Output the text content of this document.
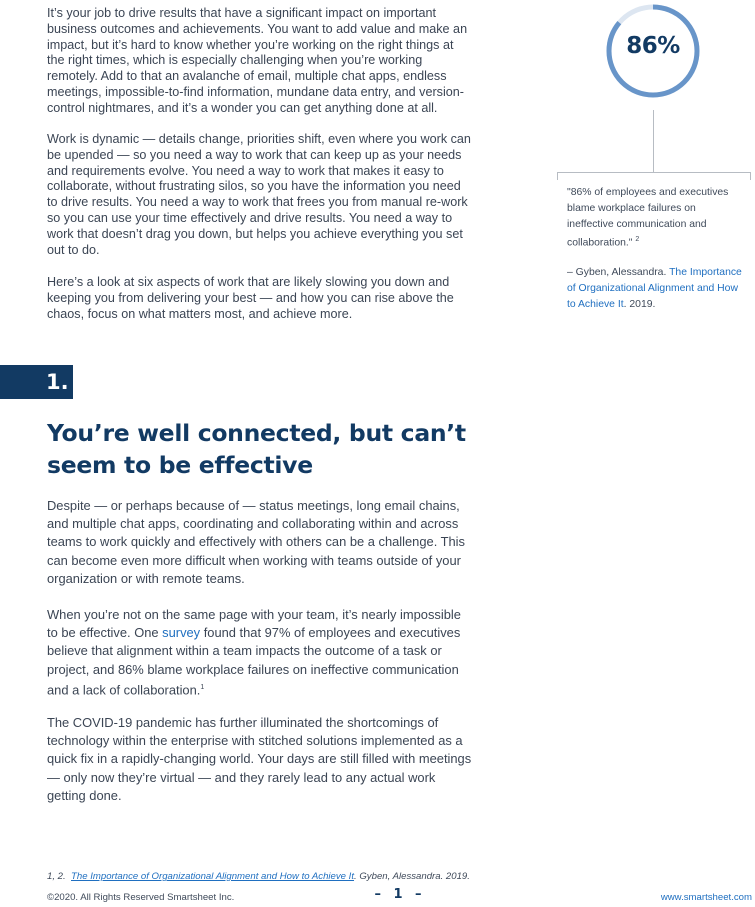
It’s your job to drive results that have a significant impact on important business outcomes and achievements. You want to add value and make an impact, but it’s hard to know whether you’re working on the right things at the right times, which is especially challenging when you’re working remotely. Add to that an avalanche of email, multiple chat apps, endless meetings, impossible-to-find information, mundane data entry, and version-control nightmares, and it’s a wonder you can get anything done at all.

Work is dynamic — details change, priorities shift, even where you work can be upended — so you need a way to work that can keep up as your needs and requirements evolve. You need a way to work that makes it easy to collaborate, without frustrating silos, so you have the information you need to drive results. You need a way to work that frees you from manual re-work so you can use your time effectively and drive results. You need a way to work that doesn’t drag you down, but helps you achieve everything you set out to do.

Here’s a look at six aspects of work that are likely slowing you down and keeping you from delivering your best — and how you can rise above the chaos, focus on what matters most, and achieve more.

86%

"86% of employees and executives blame workplace failures on ineffective communication and collaboration." $^2$

– Gyben, Alessandra. The Importance of Organizational Alignment and How to Achieve It. 2019.

1.
You’re well connected, but can’t seem to be effective

Despite — or perhaps because of — status meetings, long email chains, and multiple chat apps, coordinating and collaborating within and across teams to work quickly and effectively with others can be a challenge. This can become even more difficult when working with teams outside of your organization or with remote teams.

When you’re not on the same page with your team, it’s nearly impossible to be effective. One survey found that 97% of employees and executives believe that alignment within a team impacts the outcome of a task or project, and 86% blame workplace failures on ineffective communication and a lack of collaboration.$^1$

The COVID-19 pandemic has further illuminated the shortcomings of technology within the enterprise with stitched solutions implemented as a quick fix in a rapidly-changing world. Your days are still filled with meetings — only now they’re virtual — and they rarely lead to any actual work getting done.

1, 2. The Importance of Organizational Alignment and How to Achieve It. Gyben, Alessandra. 2019.

©2020. All Rights Reserved Smartsheet Inc.	– 1 –	www.smartsheet.com
